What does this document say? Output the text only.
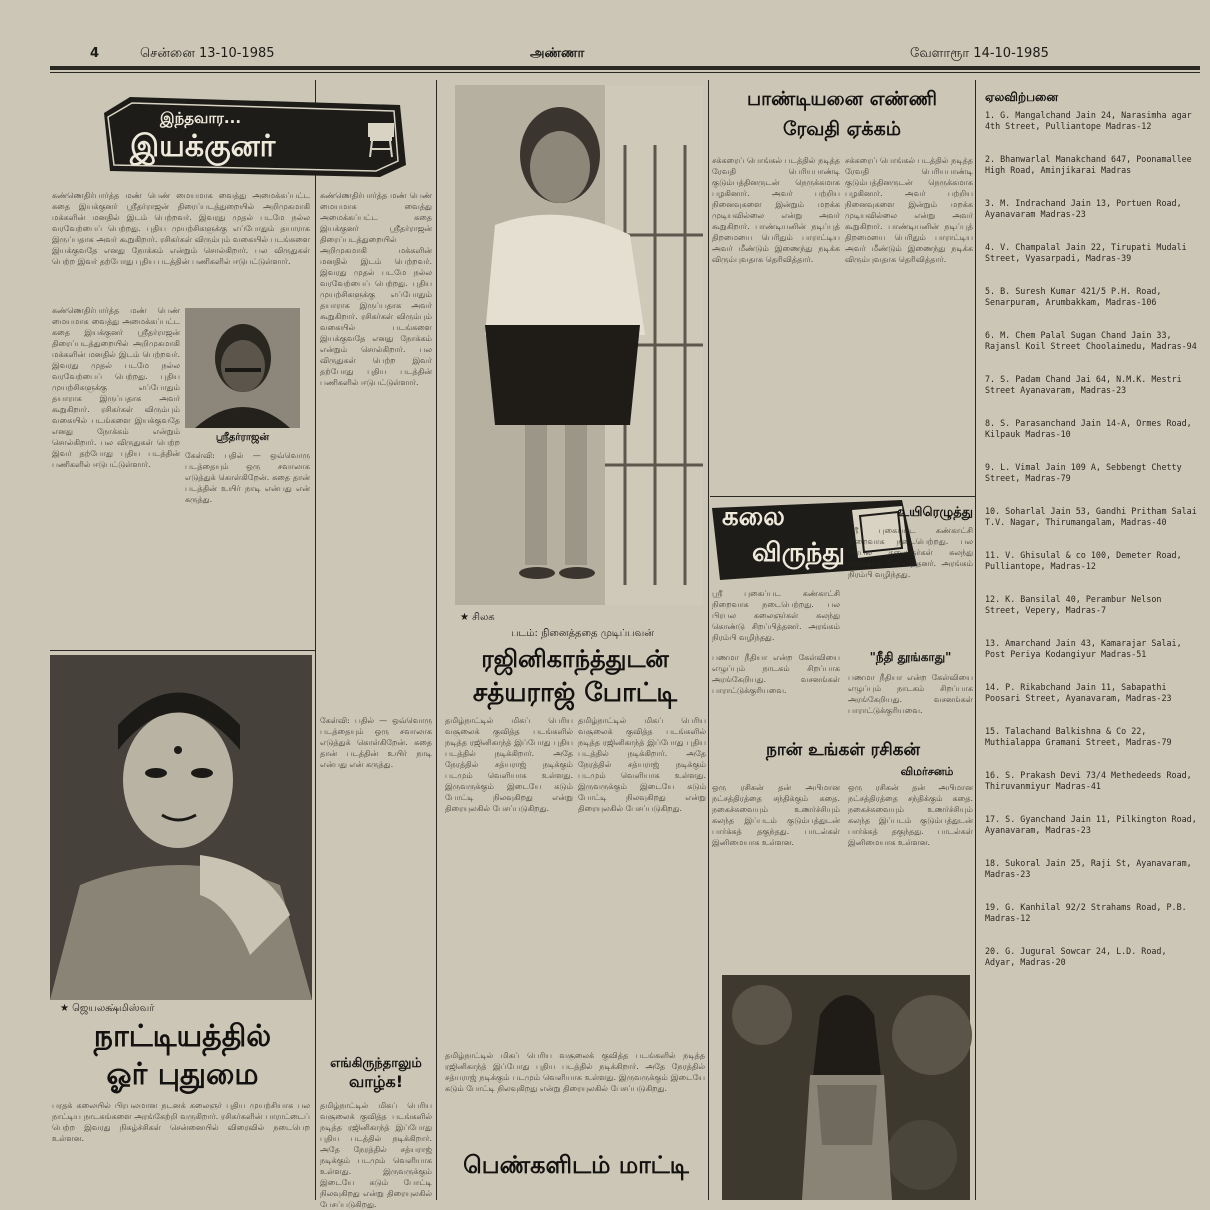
4	சென்னை 13-10-1985	அண்ணா	வேளாரூா 14-10-1985
இந்தவார...
இயக்குனர்
கண்ணெதிர்பார்த்த மண் பெண் மையமாக வைத்து அமைக்கப்பட்ட கதை இயக்குனர் ஸ்ரீதர்ராஜன் திரைப்படத்துறையில் அறிமுகமாகி மக்களின் மனதில் இடம் பெற்றவர். இவரது முதல் படமே நல்ல வரவேற்பைப் பெற்றது. புதிய முயற்சிகளுக்கு எப்போதும் தயாராக இருப்பதாக அவர் கூறுகிறார். ரசிகர்கள் விரும்பும் வகையில் படங்களை இயக்குவதே எனது நோக்கம் என்றும் சொல்கிறார். பல விருதுகள் பெற்ற இவர் தற்போது புதிய படத்தின் பணிகளில் ஈடுபட்டுள்ளார்.
கண்ணெதிர்பார்த்த மண் பெண் மையமாக வைத்து அமைக்கப்பட்ட கதை இயக்குனர் ஸ்ரீதர்ராஜன் திரைப்படத்துறையில் அறிமுகமாகி மக்களின் மனதில் இடம் பெற்றவர். இவரது முதல் படமே நல்ல வரவேற்பைப் பெற்றது. புதிய முயற்சிகளுக்கு எப்போதும் தயாராக இருப்பதாக அவர் கூறுகிறார். ரசிகர்கள் விரும்பும் வகையில் படங்களை இயக்குவதே எனது நோக்கம் என்றும் சொல்கிறார். பல விருதுகள் பெற்ற இவர் தற்போது புதிய படத்தின் பணிகளில் ஈடுபட்டுள்ளார்.
கேள்வி: பதில் — ஒவ்வொரு படத்தையும் ஒரு சவாலாக எடுத்துக் கொள்கிறேன். கதை தான் படத்தின் உயிர் நாடி என்பது என் கருத்து.
ஸ்ரீதர்ராஜன்
★ ஜெயலக்ஷ்மிஸ்வர்
நாட்டியத்தில்
ஓர் புதுமை
பரதக் கலையில் பிரபலமான நடனக் கலைஞர் புதிய முயற்சியாக பல நாட்டிய நாடகங்களை அரங்கேற்றி வருகிறார். ரசிகர்களின் பாராட்டைப் பெற்ற இவரது நிகழ்ச்சிகள் சென்னையில் விரைவில் நடைபெற உள்ளன.
கண்ணெதிர்பார்த்த மண் பெண் மையமாக வைத்து அமைக்கப்பட்ட கதை இயக்குனர் ஸ்ரீதர்ராஜன் திரைப்படத்துறையில் அறிமுகமாகி மக்களின் மனதில் இடம் பெற்றவர். இவரது முதல் படமே நல்ல வரவேற்பைப் பெற்றது. புதிய முயற்சிகளுக்கு எப்போதும் தயாராக இருப்பதாக அவர் கூறுகிறார். ரசிகர்கள் விரும்பும் வகையில் படங்களை இயக்குவதே எனது நோக்கம் என்றும் சொல்கிறார். பல விருதுகள் பெற்ற இவர் தற்போது புதிய படத்தின் பணிகளில் ஈடுபட்டுள்ளார்.
கேள்வி: பதில் — ஒவ்வொரு படத்தையும் ஒரு சவாலாக எடுத்துக் கொள்கிறேன். கதை தான் படத்தின் உயிர் நாடி என்பது என் கருத்து.
எங்கிருந்தாலும்
வாழ்க!
தமிழ்நாட்டில் மிகப் பெரிய வசூலைக் குவித்த படங்களில் நடித்த ரஜினிகாந்த் இப்போது புதிய படத்தில் நடிக்கிறார். அதே நேரத்தில் சத்யராஜ் நடிக்கும் படமும் வெளியாக உள்ளது. இருவருக்கும் இடையே கடும் போட்டி நிலவுகிறது என்று திரையுலகில் பேசப்படுகிறது.
★ சிலக
படம்: நினைத்ததை முடிப்பவன்
ரஜினிகாந்த்துடன்
சத்யராஜ் போட்டி
தமிழ்நாட்டில் மிகப் பெரிய வசூலைக் குவித்த படங்களில் நடித்த ரஜினிகாந்த் இப்போது புதிய படத்தில் நடிக்கிறார். அதே நேரத்தில் சத்யராஜ் நடிக்கும் படமும் வெளியாக உள்ளது. இருவருக்கும் இடையே கடும் போட்டி நிலவுகிறது என்று திரையுலகில் பேசப்படுகிறது.
தமிழ்நாட்டில் மிகப் பெரிய வசூலைக் குவித்த படங்களில் நடித்த ரஜினிகாந்த் இப்போது புதிய படத்தில் நடிக்கிறார். அதே நேரத்தில் சத்யராஜ் நடிக்கும் படமும் வெளியாக உள்ளது. இருவருக்கும் இடையே கடும் போட்டி நிலவுகிறது என்று திரையுலகில் பேசப்படுகிறது.
தமிழ்நாட்டில் மிகப் பெரிய வசூலைக் குவித்த படங்களில் நடித்த ரஜினிகாந்த் இப்போது புதிய படத்தில் நடிக்கிறார். அதே நேரத்தில் சத்யராஜ் நடிக்கும் படமும் வெளியாக உள்ளது. இருவருக்கும் இடையே கடும் போட்டி நிலவுகிறது என்று திரையுலகில் பேசப்படுகிறது.
பெண்களிடம் மாட்டி
பாண்டியனை எண்ணி
ரேவதி ஏக்கம்
சக்கரைப் பொங்கல் படத்தில் நடித்த ரேவதி பெரியபாண்டி குடும்பத்தினருடன் நெருக்கமாக பழகினார். அவர் பற்றிய நினைவுகளை இன்றும் மறக்க முடியவில்லை என்று அவர் கூறுகிறார். பாண்டியனின் நடிப்புத் திறமையை பெரிதும் பாராட்டிய அவர் மீண்டும் இணைந்து நடிக்க விரும்புவதாக தெரிவித்தார்.
சக்கரைப் பொங்கல் படத்தில் நடித்த ரேவதி பெரியபாண்டி குடும்பத்தினருடன் நெருக்கமாக பழகினார். அவர் பற்றிய நினைவுகளை இன்றும் மறக்க முடியவில்லை என்று அவர் கூறுகிறார். பாண்டியனின் நடிப்புத் திறமையை பெரிதும் பாராட்டிய அவர் மீண்டும் இணைந்து நடிக்க விரும்புவதாக தெரிவித்தார்.
கலை
விருந்து
ஸ்ரீ புகைப்பட கண்காட்சி நிறைவாக நடைபெற்றது. பல பிரபல கலைஞர்கள் கலந்து கொண்டு சிறப்பித்தனர். அரங்கம் நிரம்பி வழிந்தது.
உயிரெழுத்து
ஸ்ரீ புகைப்பட கண்காட்சி நிறைவாக நடைபெற்றது. பல பிரபல கலைஞர்கள் கலந்து கொண்டு சிறப்பித்தனர். அரங்கம் நிரம்பி வழிந்தது.
"நீதி தூங்காது"
பணமா நீதியா என்ற கேள்வியை எழுப்பும் நாடகம் சிறப்பாக அரங்கேறியது. வசனங்கள் பாராட்டுக்குரியவை.
பணமா நீதியா என்ற கேள்வியை எழுப்பும் நாடகம் சிறப்பாக அரங்கேறியது. வசனங்கள் பாராட்டுக்குரியவை.
நான் உங்கள் ரசிகன்
விமர்சனம்
ஒரு ரசிகன் தன் அபிமான நட்சத்திரத்தை சந்திக்கும் கதை. நகைச்சுவையும் உணர்ச்சியும் கலந்த இப்படம் குடும்பத்துடன் பார்க்கத் தகுந்தது. பாடல்கள் இனிமையாக உள்ளன.
ஒரு ரசிகன் தன் அபிமான நட்சத்திரத்தை சந்திக்கும் கதை. நகைச்சுவையும் உணர்ச்சியும் கலந்த இப்படம் குடும்பத்துடன் பார்க்கத் தகுந்தது. பாடல்கள் இனிமையாக உள்ளன.
ஏலவிற்பனை
1. G. Mangalchand Jain 24, Narasimha agar 4th Street, Pulliantope Madras-12
2. Bhanwarlal Manakchand 647, Poonamallee High Road, Aminjikarai Madras
3. M. Indrachand Jain 13, Portuen Road, Ayanavaram Madras-23
4. V. Champalal Jain 22, Tirupati Mudali Street, Vyasarpadi, Madras-39
5. B. Suresh Kumar 421/5 P.H. Road, Senarpuram, Arumbakkam, Madras-106
6. M. Chem Palal Sugan Chand Jain 33, Rajansl Koil Street Choolaimedu, Madras-94
7. S. Padam Chand Jai 64, N.M.K. Mestri Street Ayanavaram, Madras-23
8. S. Parasanchand Jain 14-A, Ormes Road, Kilpauk Madras-10
9. L. Vimal Jain 109 A, Sebbengt Chetty Street, Madras-79
10. Soharlal Jain 53, Gandhi Pritham Salai T.V. Nagar, Thirumangalam, Madras-40
11. V. Ghisulal & co 100, Demeter Road, Pulliantope, Madras-12
12. K. Bansilal 40, Perambur Nelson Street, Vepery, Madras-7
13. Amarchand Jain 43, Kamarajar Salai, Post Periya Kodangiyur Madras-51
14. P. Rikabchand Jain 11, Sabapathi Poosari Street, Ayanavaram, Madras-23
15. Talachand Balkishna & Co 22, Muthialappa Gramani Street, Madras-79
16. S. Prakash Devi 73/4 Methedeeds Road, Thiruvanmiyur Madras-41
17. S. Gyanchand Jain 11, Pilkington Road, Ayanavaram, Madras-23
18. Sukoral Jain 25, Raji St, Ayanavaram, Madras-23
19. G. Kanhilal 92/2 Strahams Road, P.B. Madras-12
20. G. Jugural Sowcar 24, L.D. Road, Adyar, Madras-20
